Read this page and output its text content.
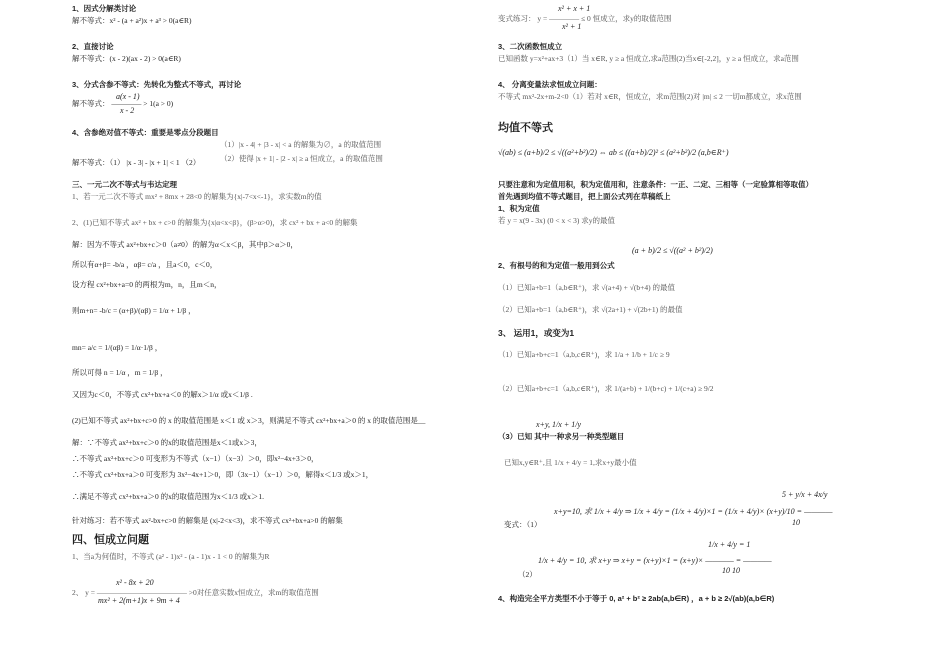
1、因式分解类讨论
解不等式：x² - (a + a²)x + a³ > 0(a∈R)
2、直接讨论
解不等式：(x - 2)(ax - 2) > 0(a∈R)
3、分式含参不等式：先转化为整式不等式，再讨论
a(x - 1)
解不等式： ———— > 1(a > 0)
x - 2
4、含参绝对值不等式：重要是零点分段题目
（1）|x - 4| + |3 - x| < a 的解集为∅，a 的取值范围
解不等式：（1） |x - 3| - |x + 1| < 1 （2）	（2）使得 |x + 1| - |2 - x| ≥ a 恒成立，a 的取值范围
三、一元二次不等式与韦达定理
1、若一元二次不等式 mx² + 8mx + 28<0 的解集为{x|-7<x<-1}，求实数m的值
2、(1)已知不等式 ax² + bx + c>0 的解集为{x|α<x<β}，(β>α>0)，求 cx² + bx + a<0 的解集
解：因为不等式 ax²+bx+c＞0（a≠0）的解为α＜x＜β，其中β＞α＞0，
所以有α+β= -b/a ，αβ= c/a ，且a＜0，c＜0，
设方程 cx²+bx+a=0 的两根为m，n，且m＜n，
则m+n= -b/c = (α+β)/(αβ) = 1/α + 1/β ，
mn= a/c = 1/(αβ) = 1/α·1/β ，
所以可得 n = 1/α ，m = 1/β ，
又因为c＜0，不等式 cx²+bx+a＜0 的解x＞1/α 或x＜1/β .
(2)已知不等式 ax²+bx+c>0 的 x 的取值范围是 x＜1 或 x＞3，则满足不等式 cx²+bx+a＞0 的 x 的取值范围是__
解：∵不等式 ax²+bx+c＞0 的x的取值范围是x＜1或x＞3，
∴不等式 ax²+bx+c＞0 可变形为不等式（x−1）（x−3）＞0，即x²−4x+3＞0，
∴不等式 cx²+bx+a＞0 可变形为 3x²−4x+1＞0，即（3x−1）（x−1）＞0，解得x＜1/3 或x＞1，
∴满足不等式 cx²+bx+a＞0 的x的取值范围为x＜1/3 或x＞1.
针对练习：若不等式 ax²-bx+c>0 的解集是 (x|-2<x<3)，求不等式 cx²+bx+a>0 的解集
四、恒成立问题
1、当a为何值时，不等式 (a² - 1)x² - (a - 1)x - 1 < 0 的解集为R
x² - 8x + 20
2、 y = ———————————— >0对任意实数x恒成立，求m的取值范围
mx² + 2(m+1)x + 9m + 4
x² + x + 1
变式练习： y = ———— ≤ 0 恒成立，求y的取值范围
x² + 1
3、二次函数恒成立
已知函数 y=x²+ax+3（1）当 x∈R, y ≥ a 恒成立,求a范围(2)当x∈[-2,2]，y ≥ a 恒成立，求a范围
4、 分离变量法求恒成立问题：
不等式 mx²-2x+m-2<0（1）若对 x∈R，恒成立，求m范围(2)对 |m| ≤ 2 一切m都成立，求x范围
均值不等式
√(ab) ≤ (a+b)/2 ≤ √((a²+b²)/2) ⇔ ab ≤ ((a+b)/2)² ≤ (a²+b²)/2 (a,b∈R⁺)
只要注意和为定值用积，积为定值用和，注意条件：一正、二定、三相等（一定验算相等取值）
首先遇到均值不等式题目，把上面公式列在草稿纸上
1、积为定值
若 y = x(9 - 3x) (0 < x < 3) 求y的最值
(a + b)/2 ≤ √((a² + b²)/2)
2、有根号的和为定值一般用到公式
（1）已知a+b=1（a,b∈R⁺)，求 √(a+4) + √(b+4) 的最值
（2）已知a+b=1（a,b∈R⁺)，求 √(2a+1) + √(2b+1) 的最值
3、 运用1，或变为1
（1）已知a+b+c=1（a,b,c∈R⁺)，求 1/a + 1/b + 1/c ≥ 9
（2）已知a+b+c=1（a,b,c∈R⁺)，求 1/(a+b) + 1/(b+c) + 1/(c+a) ≥ 9/2
x+y, 1/x + 1/y
（3）已知 其中一种求另一种类型题目
已知x,y∈R⁺,且 1/x + 4/y = 1,求x+y最小值
5 + y/x + 4x/y
x+y=10, 求 1/x + 4/y ⇒ 1/x + 4/y = (1/x + 4/y)×1 = (1/x + 4/y)× (x+y)/10 = ————
变式：（1）	10
1/x + 4/y = 1
1/x + 4/y = 10, 求 x+y ⇒ x+y = (x+y)×1 = (x+y)× ———— = ————
（2）	10 10
4、构造完全平方类型不小于等于 0, a² + b² ≥ 2ab(a,b∈R) ，a + b ≥ 2√(ab)(a,b∈R)
